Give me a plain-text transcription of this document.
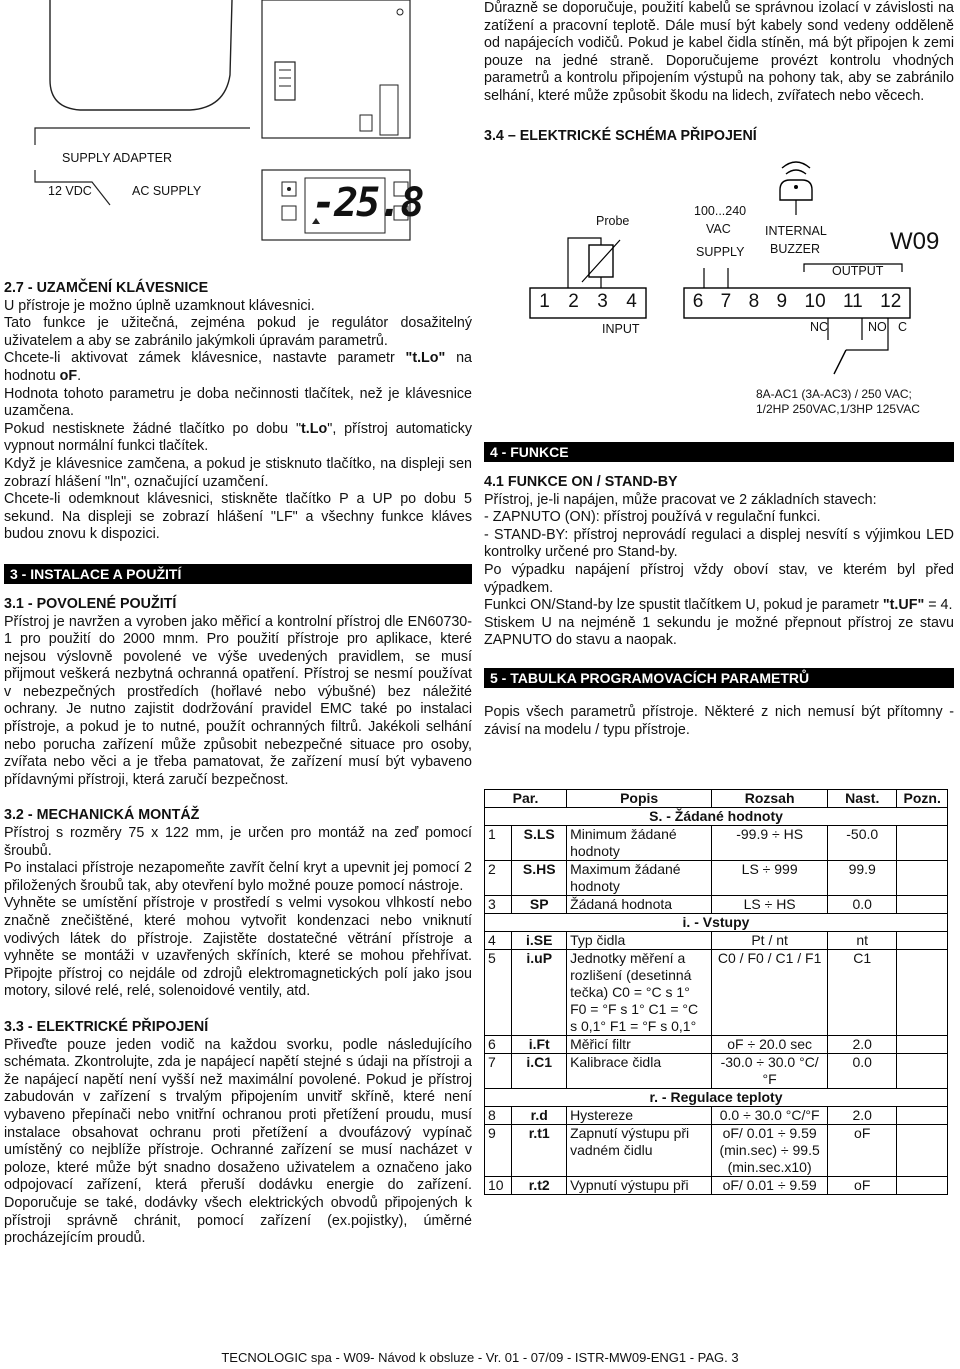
SUPPLY ADAPTER
12 VDC	AC SUPPLY	-25.8

2.7 - UZAMČENÍ KLÁVESNICE

U přístroje je možno úplně uzamknout klávesnici.

Tato funkce je užitečná, zejména pokud je regulátor dosažitelný uživatelem a aby se zabránilo jakýmkoli úpravám parametrů.

Chcete-li aktivovat zámek klávesnice, nastavte parametr "t.Lo" na hodnotu oF.

Hodnota tohoto parametru je doba nečinnosti tlačítek, než je klávesnice uzamčena.

Pokud nestisknete žádné tlačítko po dobu "t.Lo", přístroj automaticky vypnout normální funkci tlačítek.

Když je klávesnice zamčena, a pokud je stisknuto tlačítko, na displeji sen zobrazí hlášení "ln", označující uzamčení.

Chcete-li odemknout klávesnici, stiskněte tlačítko P a UP po dobu 5 sekund. Na displeji se zobrazí hlášení "LF" a všechny funkce kláves budou znovu k dispozici.

3 - INSTALACE A POUŽITÍ

3.1 - POVOLENÉ POUŽITÍ

Přístroj je navržen a vyroben jako měřicí a kontrolní přístroj dle EN60730-1 pro použití do 2000 mnm. Pro použití přístroje pro aplikace, které nejsou výslovně povolené ve výše uvedených pravidlem, se musí přijmout veškerá nezbytná ochranná opatření. Přístroj se nesmí používat v nebezpečných prostředích (hořlavé nebo výbušné) bez náležité ochrany. Je nutno zajistit dodržování pravidel EMC také po instalaci přístroje, a pokud je to nutné, použít ochranných filtrů. Jakékoli selhání nebo porucha zařízení může způsobit nebezpečné situace pro osoby, zvířata nebo věci a je třeba pamatovat, že zařízení musí být vybaveno přídavnými přístroji, která zaručí bezpečnost.

3.2 - MECHANICKÁ MONTÁŽ

Přístroj s rozměry 75 x 122 mm, je určen pro montáž na zeď pomocí šroubů.

Po instalaci přístroje nezapomeňte zavřít čelní kryt a upevnit jej pomocí 2 přiložených šroubů tak, aby otevření bylo možné pouze pomocí nástroje.

Vyhněte se umístění přístroje v prostředí s velmi vysokou vlhkostí nebo značně znečištěné, které mohou vytvořit kondenzaci nebo vniknutí vodivých látek do přístroje. Zajistěte dostatečné větrání přístroje a vyhněte se montáži v uzavřených skříních, které se mohou přehřívat. Připojte přístroj co nejdále od zdrojů elektromagnetických polí jako jsou motory, silové relé, relé, solenoidové ventily, atd.

3.3 - ELEKTRICKÉ PŘIPOJENÍ

Přiveďte pouze jeden vodič na každou svorku, podle následujícího schémata. Zkontrolujte, zda je napájecí napětí stejné s údaji na přístroji a že napájecí napětí není vyšší než maximální povolené. Pokud je přístroj zabudován v zařízení s trvalým připojením unvitř skříně, které není vybaveno přepínači nebo vnitřní ochranou proti přetížení proudu, musí instalace obsahovat ochranu proti přetížení a dvoufázový vypínač umístěný co nejblíže přístroje. Ochranné zařízení se musí nacházet v poloze, které může být snadno dosaženo uživatelem a označeno jako odpojovací zařízení, která přeruší dodávku energie do zařízení. Doporučuje se také, dodávky všech elektrických obvodů připojených k přístroji správně chránit, pomocí zařízení (ex.pojistky), úměrné procházejícím proudů.

Důrazně se doporučuje, použití kabelů se správnou izolací v závislosti na zatížení a pracovní teplotě. Dále musí být kabely sond vedeny odděleně od napájecích vodičů. Pokud je kabel čidla stíněn, má být připojen k zemi pouze na jedné straně. Doporučujeme provézt kontrolu vhodných parametrů a kontrolu připojením výstupů na pohony tak, aby se zabránilo selhání, které může způsobit škodu na lidech, zvířatech nebo věcech.

3.4 – ELEKTRICKÉ SCHÉMA PŘIPOJENÍ

Probe
100...240
VAC
SUPPLY
INTERNAL
BUZZER	W09
OUTPUT
1 2 3 4	6 7 8 9 10 11 12
INPUT	NC	NO C
8A-AC1 (3A-AC3) / 250 VAC;
1/2HP 250VAC,1/3HP 125VAC
4 - FUNKCE

4.1 FUNKCE ON / STAND-BY

Přístroj, je-li napájen, může pracovat ve 2 základních stavech:

- ZAPNUTO (ON): přístroj používá v regulační funkci.

- STAND-BY: přístroj neprovádí regulaci a displej nesvítí s výjimkou LED kontrolky určené pro Stand-by.

Po výpadku napájení přístroj vždy oboví stav, ve kterém byl před výpadkem.

Funkci ON/Stand-by lze spustit tlačítkem U, pokud je parametr "t.UF" = 4.

Stiskem U na nejméně 1 sekundu je možné přepnout přístroj ze stavu ZAPNUTO do stavu a naopak.

5 - TABULKA PROGRAMOVACÍCH PARAMETRŮ

Popis všech parametrů přístroje. Některé z nich nemusí být přítomny - závisí na modelu / typu přístroje.

Par.		Popis	Rozsah	Nast.	Pozn.
S. - Žádané hodnoty					
1	S.LS	Minimum žádané hodnoty	-99.9 ÷ HS	-50.0	
2	S.HS	Maximum žádané hodnoty	LS ÷ 999	99.9	
3	SP	Žádaná hodnota	LS ÷ HS	0.0	
i. - Vstupy					
4	i.SE	Typ čidla	Pt / nt	nt	
5	i.uP	Jednotky měření a rozlišení (desetinná tečka) C0 = °C s 1° F0 = °F s 1° C1 = °C s 0,1° F1 = °F s 0,1°	C0 / F0 / C1 / F1	C1	
6	i.Ft	Měřicí filtr	oF ÷ 20.0 sec	2.0	
7	i.C1	Kalibrace čidla	-30.0 ÷ 30.0 °C/°F	0.0	
r. - Regulace teploty					
8	r.d	Hystereze	0.0 ÷ 30.0 °C/°F	2.0	
9	r.t1	Zapnutí výstupu při vadném čidlu	oF/ 0.01 ÷ 9.59 (min.sec) ÷ 99.5 (min.sec.x10)	oF	
10	r.t2	Vypnutí výstupu při	oF/ 0.01 ÷ 9.59	oF	
TECNOLOGIC spa - W09- Návod k obsluze - Vr. 01 - 07/09 - ISTR-MW09-ENG1 - PAG. 3
